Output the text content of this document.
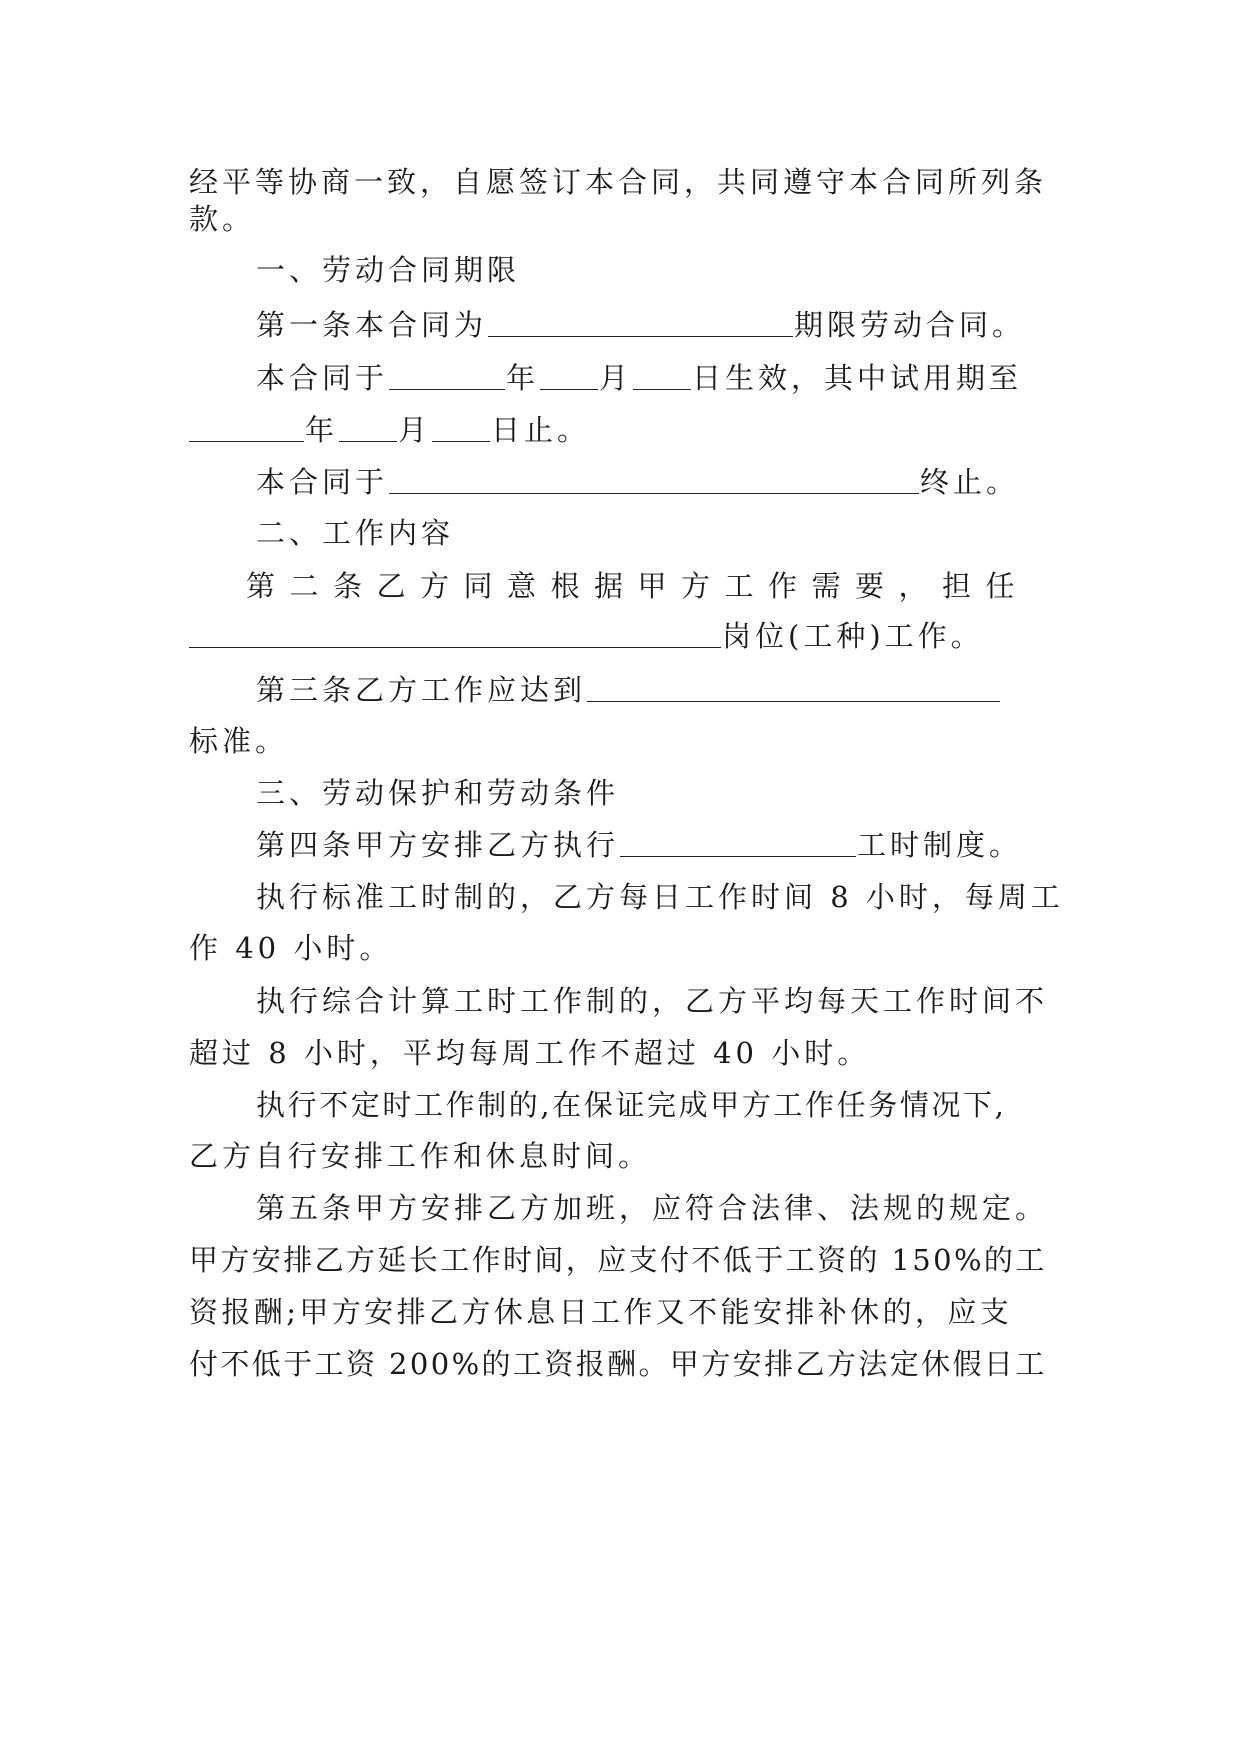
经平等协商一致，自愿签订本合同，共同遵守本合同所列条
款。
一、劳动合同期限
第一条本合同为	期限劳动合同。
本合同于	年 月 日生效，其中试用期至
年 月 日止。
本合同于	终止。
二、工作内容
第二条乙方同意根据甲方工作需要，担任
岗位(工种)工作。
第三条乙方工作应达到
标准。
三、劳动保护和劳动条件
第四条甲方安排乙方执行	工时制度。
执行标准工时制的，乙方每日工作时间 8 小时，每周工
作 40 小时。
执行综合计算工时工作制的，乙方平均每天工作时间不
超过 8 小时，平均每周工作不超过 40 小时。
执行不定时工作制的,在保证完成甲方工作任务情况下,
乙方自行安排工作和休息时间。
第五条甲方安排乙方加班，应符合法律、法规的规定。
甲方安排乙方延长工作时间，应支付不低于工资的 150%的工
资报酬;甲方安排乙方休息日工作又不能安排补休的，应支
付不低于工资 200%的工资报酬。甲方安排乙方法定休假日工
